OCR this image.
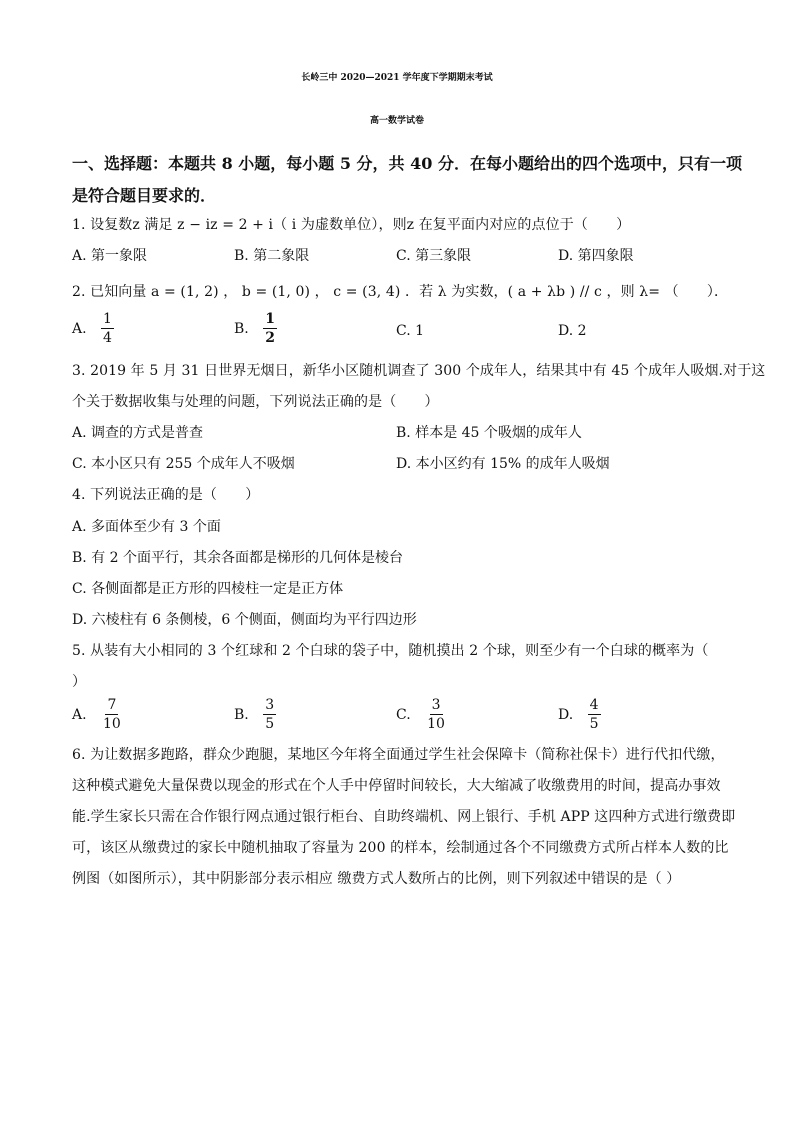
长岭三中 2020—2021 学年度下学期期末考试
高一数学试卷
一、选择题：本题共 8 小题，每小题 5 分，共 40 分．在每小题给出的四个选项中，只有一项
是符合题目要求的．
1. 设复数z 满足 z − iz = 2 + i（ i 为虚数单位），则z 在复平面内对应的点位于（　　）
A. 第一象限	B. 第二象限	C. 第三象限	D. 第四象限
2. 已知向量 a = (1, 2) ， b = (1, 0) ， c = (3, 4) ．若 λ 为实数，( a + λb ) // c ，则 λ= （　　）．
A. $\frac{1}{4}$	B. $\frac{1}{2}$	C. 1	D. 2
3. 2019 年 5 月 31 日世界无烟日，新华小区随机调查了 300 个成年人，结果其中有 45 个成年人吸烟.对于这
个关于数据收集与处理的问题，下列说法正确的是（　　）
A. 调查的方式是普查	B. 样本是 45 个吸烟的成年人
C. 本小区只有 255 个成年人不吸烟	D. 本小区约有 15% 的成年人吸烟
4. 下列说法正确的是（　　）
A. 多面体至少有 3 个面
B. 有 2 个面平行，其余各面都是梯形的几何体是棱台
C. 各侧面都是正方形的四棱柱一定是正方体
D. 六棱柱有 6 条侧棱，6 个侧面，侧面均为平行四边形
5. 从装有大小相同的 3 个红球和 2 个白球的袋子中，随机摸出 2 个球，则至少有一个白球的概率为（
）
A. $\frac{7}{10}$	B. $\frac{3}{5}$	C. $\frac{3}{10}$	D. $\frac{4}{5}$
6. 为让数据多跑路，群众少跑腿，某地区今年将全面通过学生社会保障卡（简称社保卡）进行代扣代缴，
这种模式避免大量保费以现金的形式在个人手中停留时间较长，大大缩减了收缴费用的时间，提高办事效
能.学生家长只需在合作银行网点通过银行柜台、自助终端机、网上银行、手机 APP 这四种方式进行缴费即
可，该区从缴费过的家长中随机抽取了容量为 200 的样本，绘制通过各个不同缴费方式所占样本人数的比
例图（如图所示），其中阴影部分表示相应 缴费方式人数所占的比例，则下列叙述中错误的是（ ）
